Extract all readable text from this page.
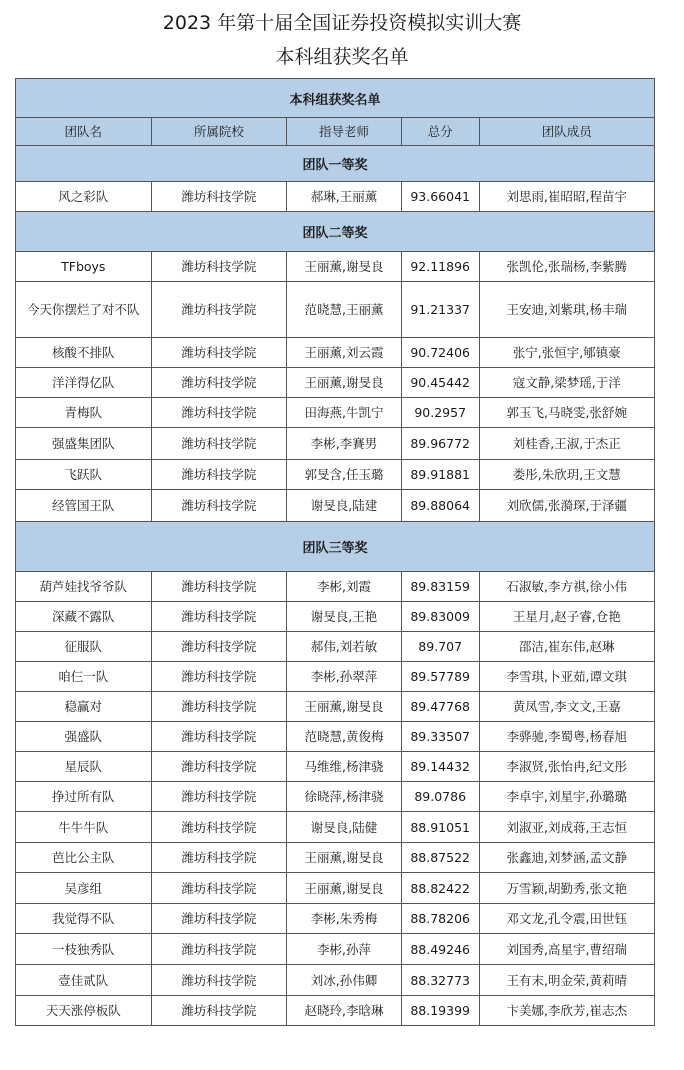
2023 年第十届全国证券投资模拟实训大赛
本科组获奖名单
本科组获奖名单
团队名	所属院校	指导老师	总分	团队成员
团队一等奖
风之彩队	潍坊科技学院	郝琳,王丽薰	93.66041	刘思雨,崔昭昭,程苗宇
团队二等奖
TFboys	潍坊科技学院	王丽薰,谢旻良	92.11896	张凯伦,张瑞杨,李紫腾
今天你摆烂了对不队	潍坊科技学院	范晓慧,王丽薰	91.21337	王安迪,刘紫琪,杨丰瑞
核酸不排队	潍坊科技学院	王丽薰,刘云霞	90.72406	张宁,张恒宇,郇镇豪
洋洋得亿队	潍坊科技学院	王丽薰,谢旻良	90.45442	寇文静,梁梦瑶,于洋
青梅队	潍坊科技学院	田海燕,牛凯宁	90.2957	郭玉飞,马晓雯,张舒婉
强盛集团队	潍坊科技学院	李彬,李賽男	89.96772	刘桂香,王淑,于杰正
飞跃队	潍坊科技学院	郭旻含,任玉璐	89.91881	娄彤,朱欣玥,王文慧
经管国王队	潍坊科技学院	谢旻良,陆建	89.88064	刘欣儒,张漪琛,于泽疆
团队三等奖
葫芦娃找爷爷队	潍坊科技学院	李彬,刘霞	89.83159	石淑敏,李方祺,徐小伟
深藏不露队	潍坊科技学院	谢旻良,王艳	89.83009	王星月,赵子睿,仓艳
征服队	潍坊科技学院	郝伟,刘若敏	89.707	邵洁,崔东伟,赵琳
咱仨一队	潍坊科技学院	李彬,孙翠萍	89.57789	李雪琪,卜亚茹,谭文琪
稳赢对	潍坊科技学院	王丽薰,谢旻良	89.47768	黄凤雪,李文文,王嘉
强盛队	潍坊科技学院	范晓慧,黄俊梅	89.33507	李骅驰,李蜀粤,杨春旭
星辰队	潍坊科技学院	马维维,杨津骁	89.14432	李淑贤,张怡冉,纪文彤
挣过所有队	潍坊科技学院	徐晓萍,杨津骁	89.0786	李卓宇,刘星宇,孙璐璐
牛牛牛队	潍坊科技学院	谢旻良,陆健	88.91051	刘淑亚,刘成蒋,王志恒
芭比公主队	潍坊科技学院	王丽薰,谢旻良	88.87522	张鑫迪,刘梦涵,孟文静
吴彦组	潍坊科技学院	王丽薰,谢旻良	88.82422	万雪颖,胡勤秀,张文艳
我觉得不队	潍坊科技学院	李彬,朱秀梅	88.78206	邓文龙,孔令震,田世钰
一枝独秀队	潍坊科技学院	李彬,孙萍	88.49246	刘国秀,高星宇,曹绍瑞
壹佳贰队	潍坊科技学院	刘冰,孙伟卿	88.32773	王有末,明金荣,黄莉晴
天天涨停板队	潍坊科技学院	赵晓玲,李晗琳	88.19399	卞美娜,李欣芳,崔志杰
